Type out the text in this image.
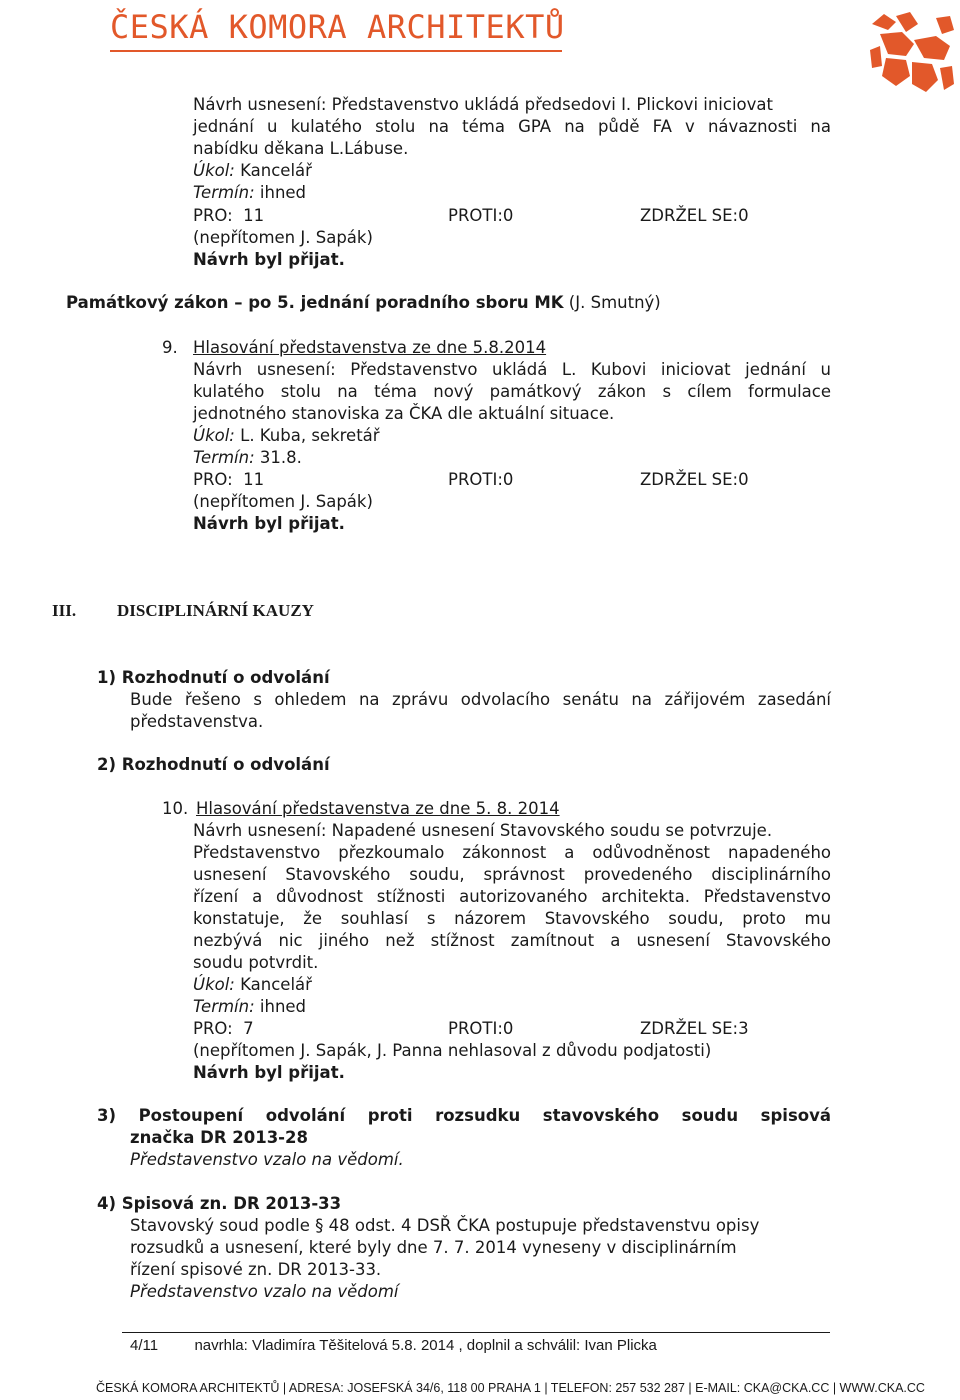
ČESKÁ KOMORA ARCHITEKTŮ
Návrh usnesení: Představenstvo ukládá předsedovi I. Plickovi iniciovat
jednání u kulatého stolu na téma GPA na půdě FA v návaznosti na
nabídku děkana L.Lábuse.
Úkol: Kancelář
Termín: ihned
PRO:  11	PROTI:0	ZDRŽEL SE:0
(nepřítomen J. Sapák)
Návrh byl přijat.
Památkový zákon – po 5. jednání poradního sboru MK (J. Smutný)
9. Hlasování představenstva ze dne 5.8.2014
Návrh usnesení: Představenstvo ukládá L. Kubovi iniciovat jednání u
kulatého stolu na téma nový památkový zákon s cílem formulace
jednotného stanoviska za ČKA dle aktuální situace.
Úkol: L. Kuba, sekretář
Termín: 31.8.
PRO:  11	PROTI:0	ZDRŽEL SE:0
(nepřítomen J. Sapák)
Návrh byl přijat.
III. DISCIPLINÁRNÍ KAUZY
1) Rozhodnutí o odvolání
Bude řešeno s ohledem na zprávu odvolacího senátu na zářijovém zasedání
představenstva.
2) Rozhodnutí o odvolání
10. Hlasování představenstva ze dne 5. 8. 2014
Návrh usnesení: Napadené usnesení Stavovského soudu se potvrzuje.
Představenstvo přezkoumalo zákonnost a odůvodněnost napadeného
usnesení Stavovského soudu, správnost provedeného disciplinárního
řízení a důvodnost stížnosti autorizovaného architekta. Představenstvo
konstatuje, že souhlasí s názorem Stavovského soudu, proto mu
nezbývá nic jiného než stížnost zamítnout a usnesení Stavovského
soudu potvrdit.
Úkol: Kancelář
Termín: ihned
PRO:  7	PROTI:0	ZDRŽEL SE:3
(nepřítomen J. Sapák, J. Panna nehlasoval z důvodu podjatosti)
Návrh byl přijat.
3) Postoupení odvolání proti rozsudku stavovského soudu spisová
značka DR 2013-28
Představenstvo vzalo na vědomí.
4) Spisová zn. DR 2013-33
Stavovský soud podle § 48 odst. 4 DSŘ ČKA postupuje představenstvu opisy
rozsudků a usnesení, které byly dne 7. 7. 2014 vyneseny v disciplinárním
řízení spisové zn. DR 2013-33.
Představenstvo vzalo na vědomí
4/11 navrhla: Vladimíra Těšitelová 5.8. 2014 , doplnil a schválil: Ivan Plicka
ČESKÁ KOMORA ARCHITEKTŮ | ADRESA: JOSEFSKÁ 34/6, 118 00 PRAHA 1 | TELEFON: 257 532 287 | E-MAIL: CKA@CKA.CC | WWW.CKA.CC
